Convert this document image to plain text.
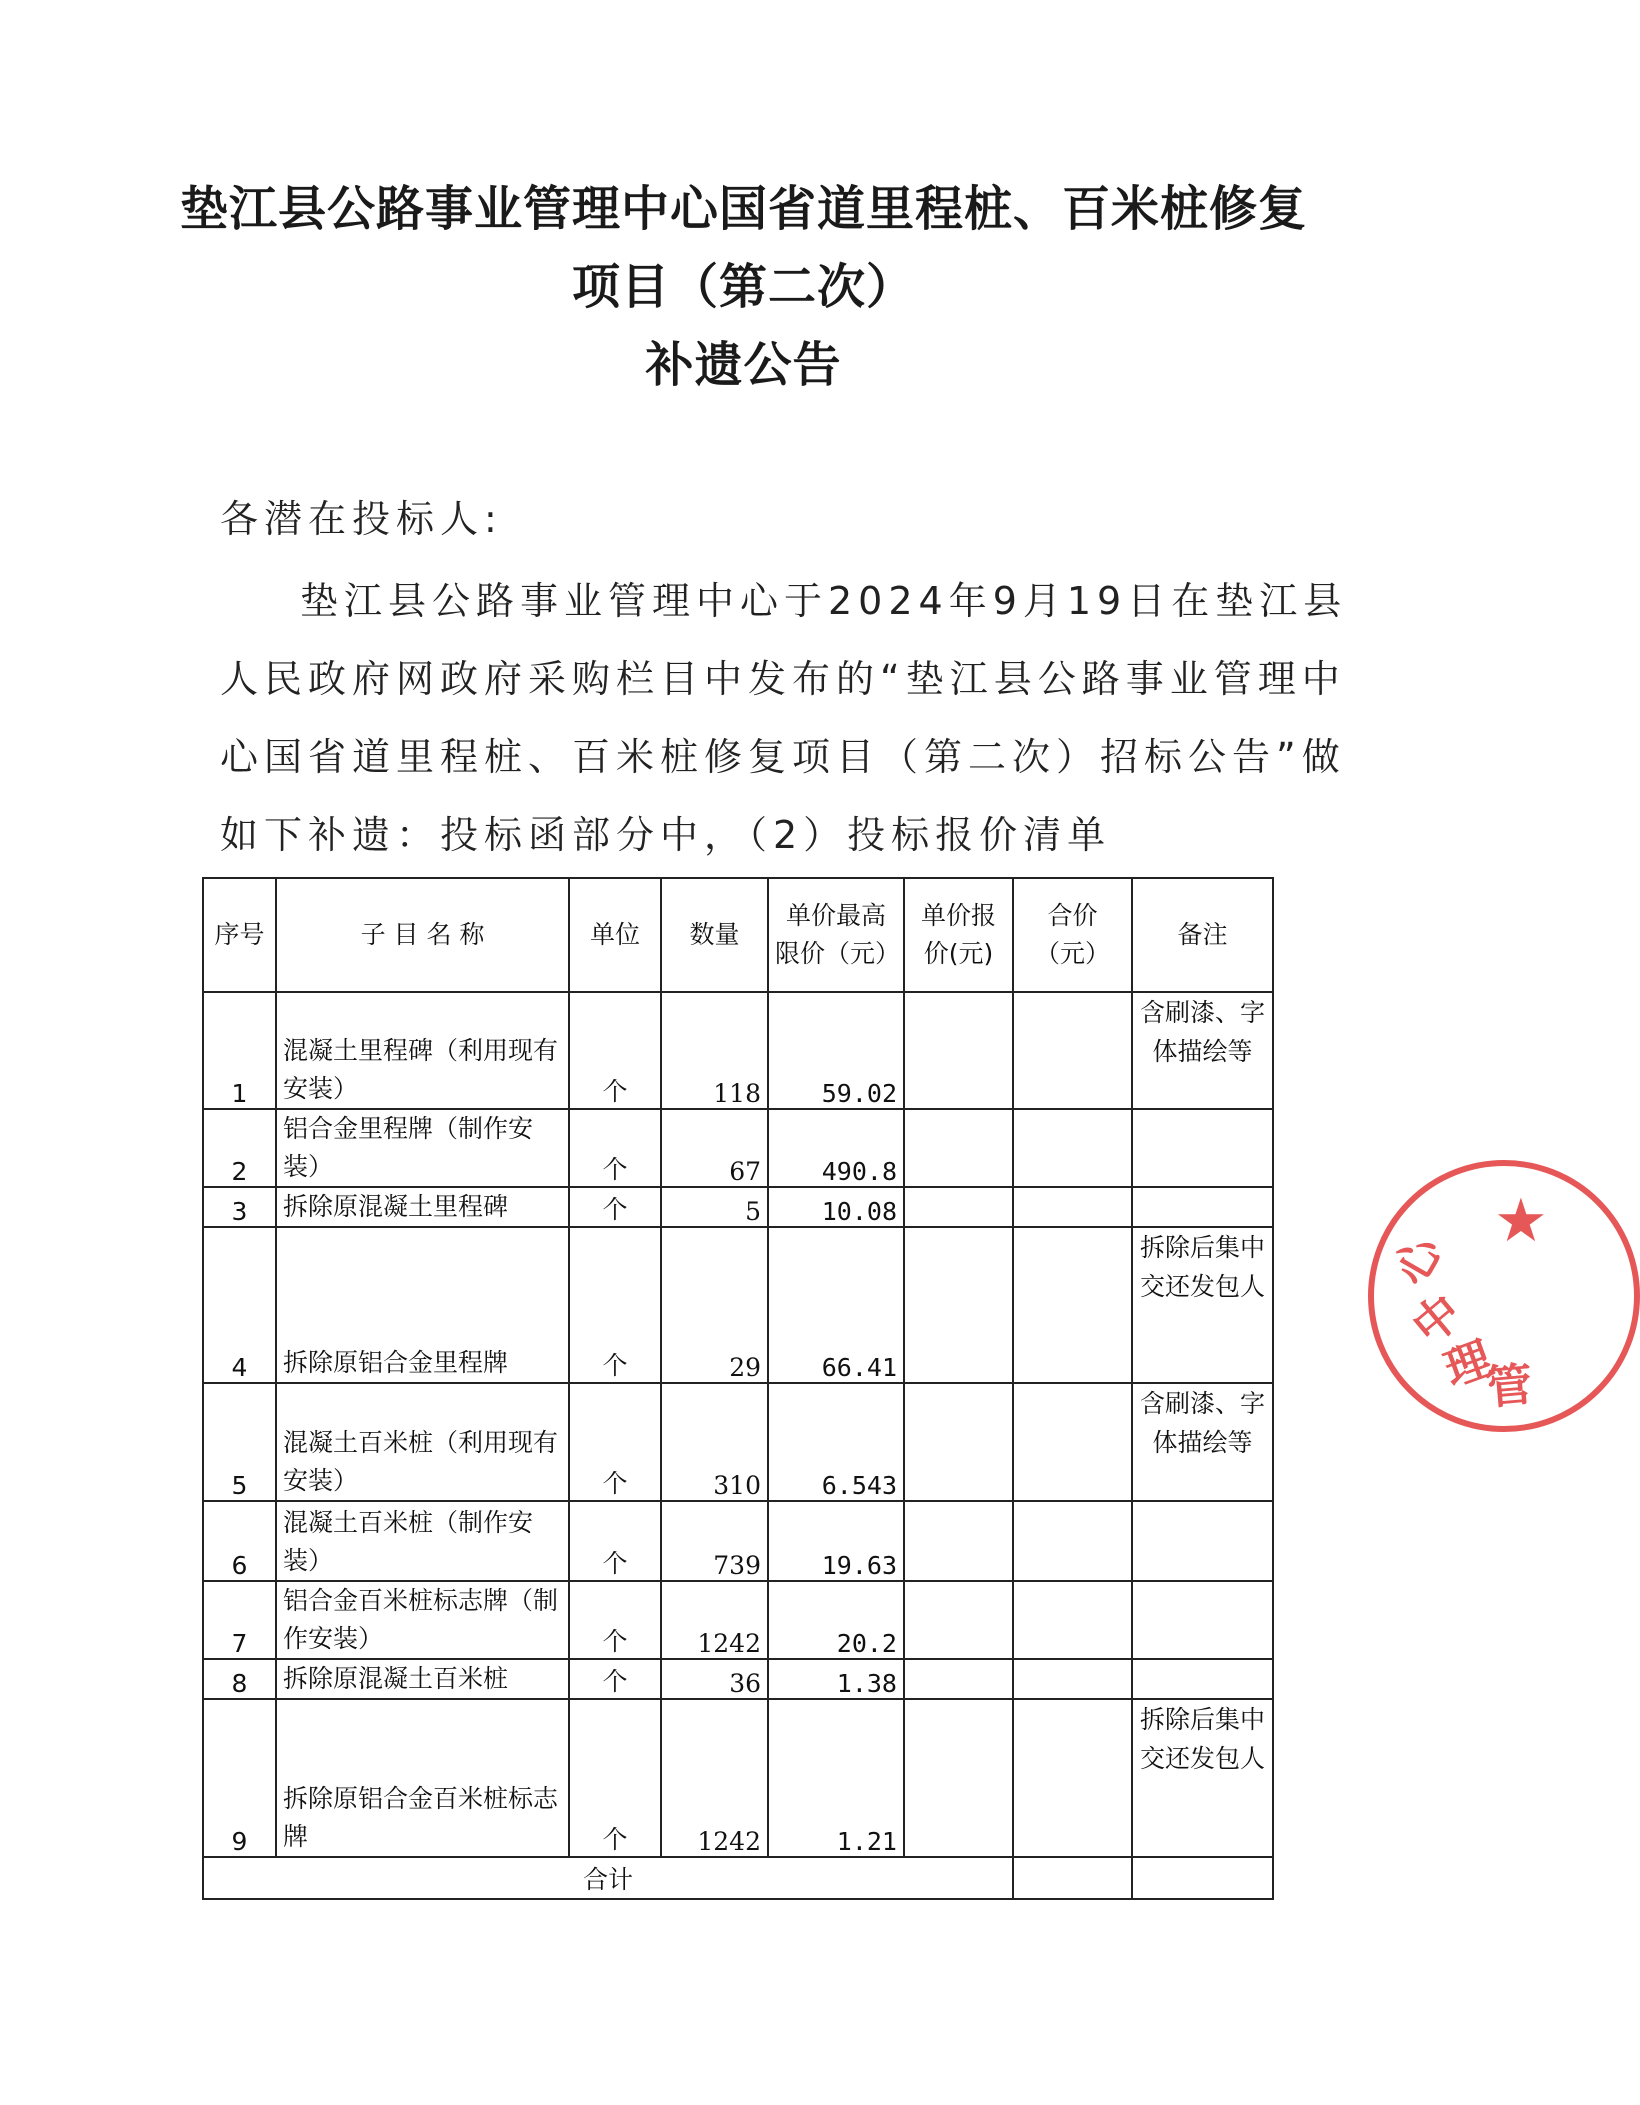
垫江县公路事业管理中心国省道里程桩、百米桩修复
项目（第二次）
补遗公告
各潜在投标人:
垫江县公路事业管理中心于2024年9月19日在垫江县
人民政府网政府采购栏目中发布的“垫江县公路事业管理中
心国省道里程桩、百米桩修复项目（第二次）招标公告”做
如下补遗：投标函部分中，（2）投标报价清单
序号	子 目 名 称	单位	数量	单价最高限价（元）	单价报价(元)	合价（元）	备注
1	混凝土里程碑（利用现有安装）	个	118	59.02			含刷漆、字体描绘等
2	铝合金里程牌（制作安装）	个	67	490.8			
3	拆除原混凝土里程碑	个	5	10.08			
4	拆除原铝合金里程牌	个	29	66.41			拆除后集中交还发包人
5	混凝土百米桩（利用现有安装）	个	310	6.543			含刷漆、字体描绘等
6	混凝土百米桩（制作安装）	个	739	19.63			
7	铝合金百米桩标志牌（制作安装）	个	1242	20.2			
8	拆除原混凝土百米桩	个	36	1.38			
9	拆除原铝合金百米桩标志牌	个	1242	1.21			拆除后集中交还发包人
合计							
心
中
理
管
★
